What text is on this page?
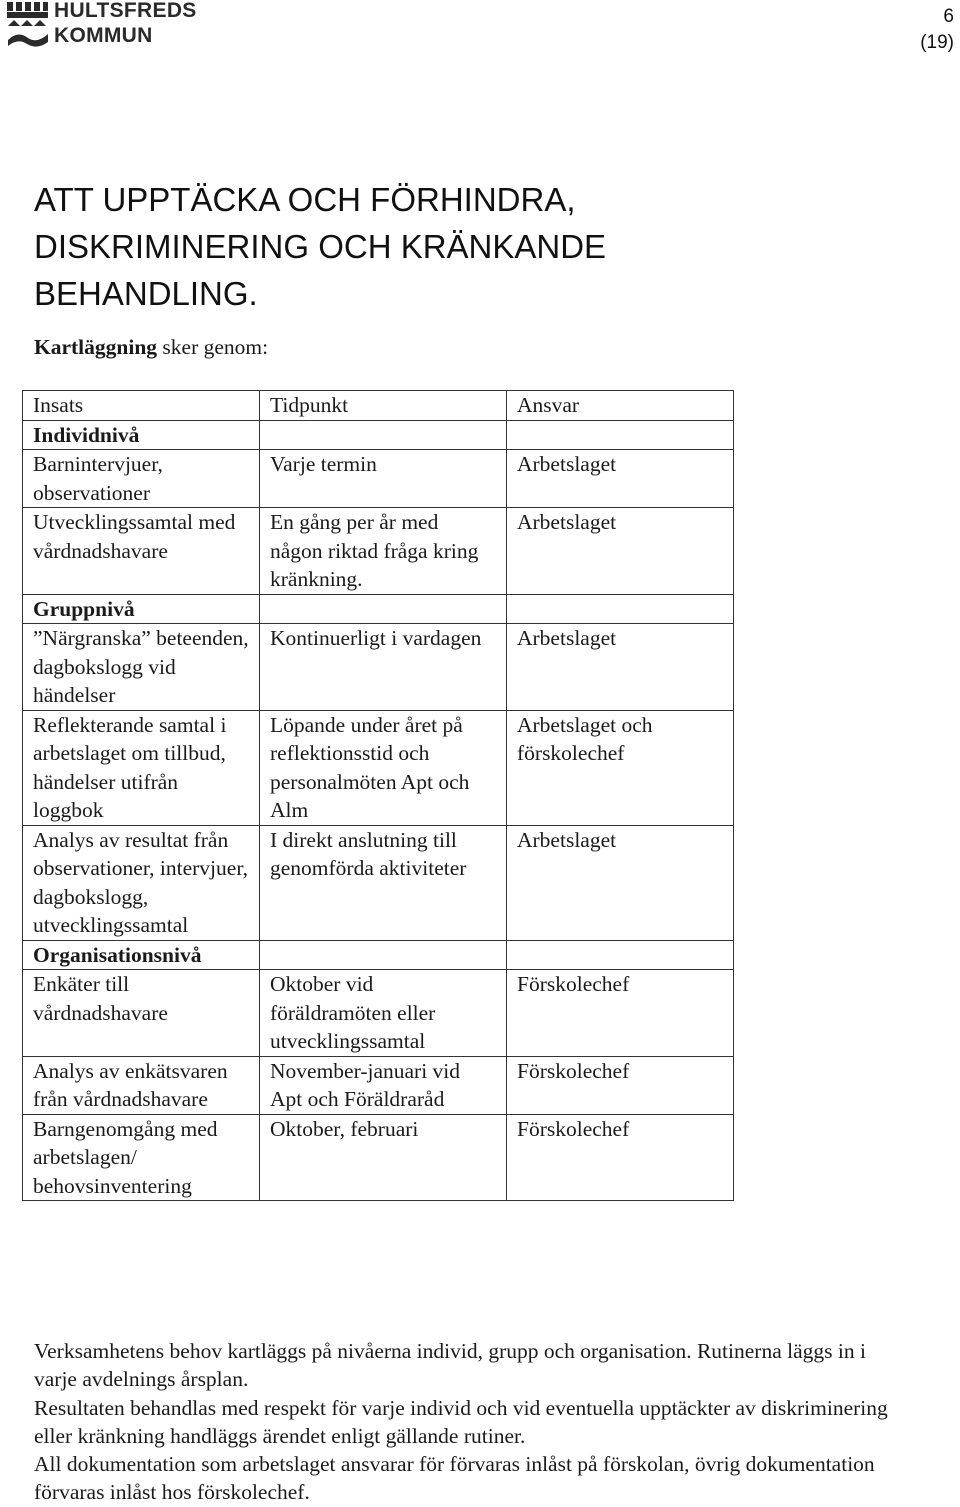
HULTSFREDS
KOMMUN
6
(19)
ATT UPPTÄCKA OCH FÖRHINDRA, DISKRIMINERING OCH KRÄNKANDE BEHANDLING.
Kartläggning sker genom:
Insats	Tidpunkt	Ansvar
Individnivå		
Barnintervjuer, observationer	Varje termin	Arbetslaget
Utvecklingssamtal med vårdnadshavare	En gång per år med någon riktad fråga kring kränkning.	Arbetslaget
Gruppnivå		
”Närgranska” beteenden, dagbokslogg vid händelser	Kontinuerligt i vardagen	Arbetslaget
Reflekterande samtal i arbetslaget om tillbud, händelser utifrån loggbok	Löpande under året på reflektionsstid och personalmöten Apt och Alm	Arbetslaget och förskolechef
Analys av resultat från observationer, intervjuer, dagbokslogg, utvecklingssamtal	I direkt anslutning till genomförda aktiviteter	Arbetslaget
Organisationsnivå		
Enkäter till vårdnadshavare	Oktober vid föräldramöten eller utvecklingssamtal	Förskolechef
Analys av enkätsvaren från vårdnadshavare	November-januari vid Apt och Föräldraråd	Förskolechef
Barngenomgång med arbetslagen/ behovsinventering	Oktober, februari	Förskolechef

Verksamhetens behov kartläggs på nivåerna individ, grupp och organisation. Rutinerna läggs in i varje avdelnings årsplan.

Resultaten behandlas med respekt för varje individ och vid eventuella upptäckter av diskriminering eller kränkning handläggs ärendet enligt gällande rutiner.

All dokumentation som arbetslaget ansvarar för förvaras inlåst på förskolan, övrig dokumentation förvaras inlåst hos förskolechef.
